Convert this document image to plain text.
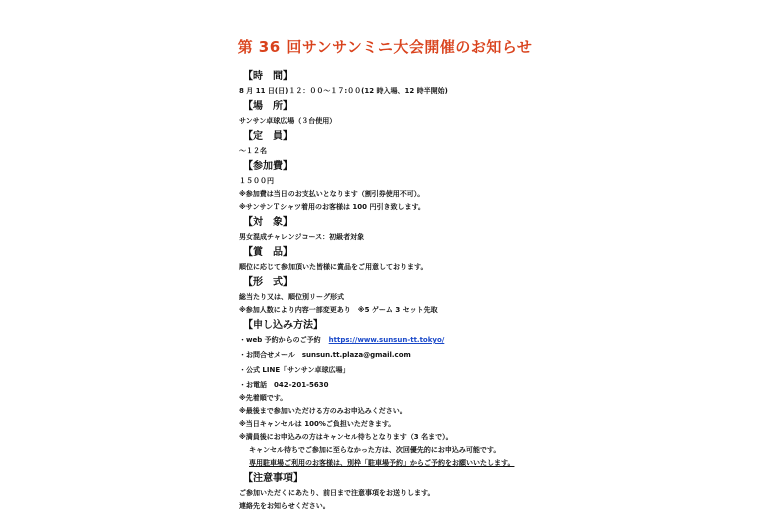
第 36 回サンサンミニ大会開催のお知らせ
【時　間】
8 月 11 日(日)１２：００～１７:００(12 時入場、12 時半開始)
【場　所】
サンサン卓球広場（３台使用）
【定　員】
～１２名
【参加費】
１５００円
※参加費は当日のお支払いとなります（割引券使用不可）。
※サンサンＴシャツ着用のお客様は 100 円引き致します。
【対　象】
男女混成チャレンジコース：初級者対象
【賞　品】
順位に応じて参加頂いた皆様に賞品をご用意しております。
【形　式】
総当たり又は、順位別リーグ形式
※参加人数により内容一部変更あり　※5 ゲーム 3 セット先取
【申し込み方法】
・web 予約からのご予約 https://www.sunsun-tt.tokyo/
・お問合せメール　sunsun.tt.plaza@gmail.com
・公式 LINE「サンサン卓球広場」
・お電話　042-201-5630
※先着順です。
※最後まで参加いただける方のみお申込みください。
※当日キャンセルは 100%ご負担いただきます。
※満員後にお申込みの方はキャンセル待ちとなります（3 名まで）。
キャンセル待ちでご参加に至らなかった方は、次回優先的にお申込み可能です。
専用駐車場ご利用のお客様は、別枠「駐車場予約」からご予約をお願いいたします。
【注意事項】
ご参加いただくにあたり、前日まで注意事項をお送りします。
連絡先をお知らせください。
